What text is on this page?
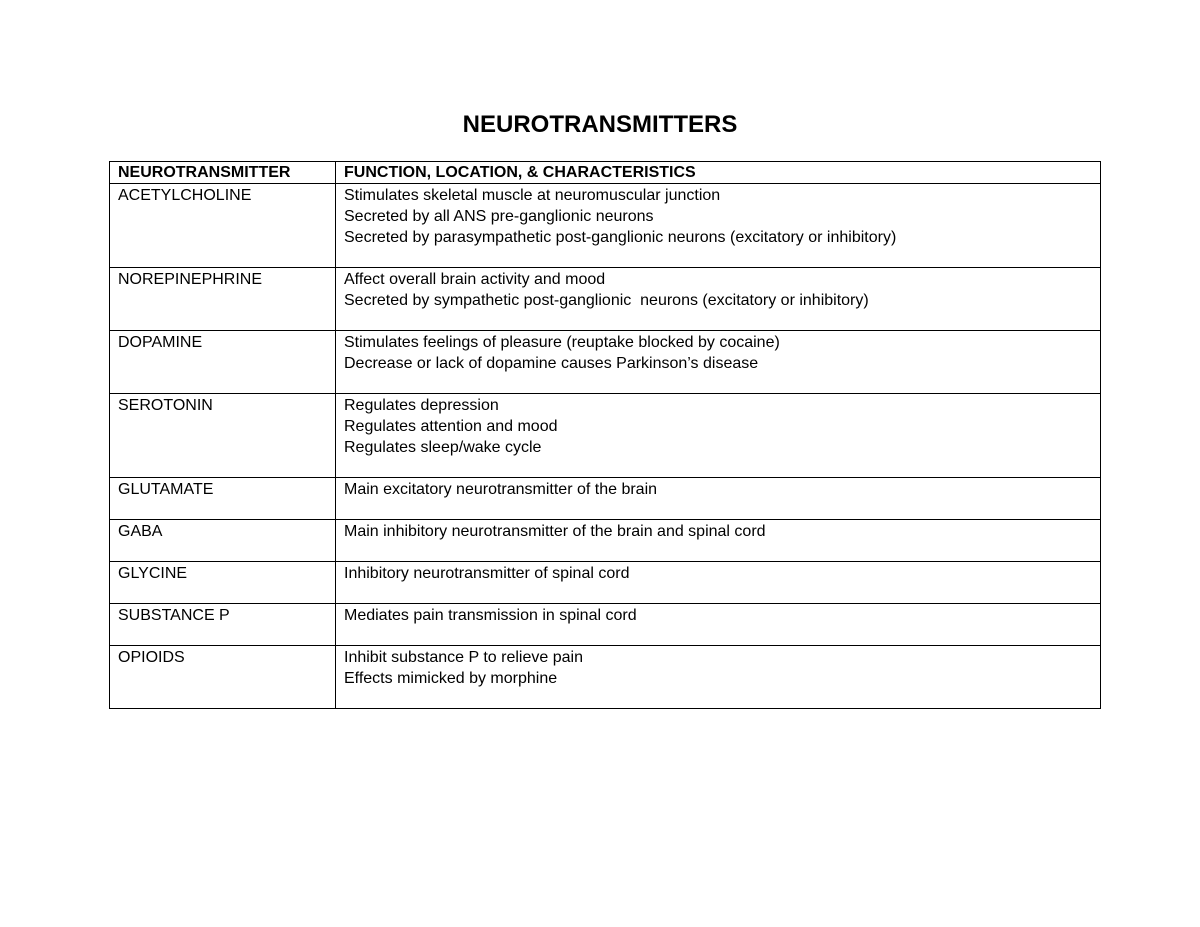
NEUROTRANSMITTERS
NEUROTRANSMITTER	FUNCTION, LOCATION, & CHARACTERISTICS
ACETYLCHOLINE	Stimulates skeletal muscle at neuromuscular junction
Secreted by all ANS pre-ganglionic neurons
Secreted by parasympathetic post-ganglionic neurons (excitatory or inhibitory)

NOREPINEPHRINE	Affect overall brain activity and mood
Secreted by sympathetic post-ganglionic  neurons (excitatory or inhibitory)

DOPAMINE	Stimulates feelings of pleasure (reuptake blocked by cocaine)
Decrease or lack of dopamine causes Parkinson’s disease

SEROTONIN	Regulates depression
Regulates attention and mood
Regulates sleep/wake cycle

GLUTAMATE	Main excitatory neurotransmitter of the brain

GABA	Main inhibitory neurotransmitter of the brain and spinal cord

GLYCINE	Inhibitory neurotransmitter of spinal cord

SUBSTANCE P	Mediates pain transmission in spinal cord

OPIOIDS	Inhibit substance P to relieve pain
Effects mimicked by morphine
